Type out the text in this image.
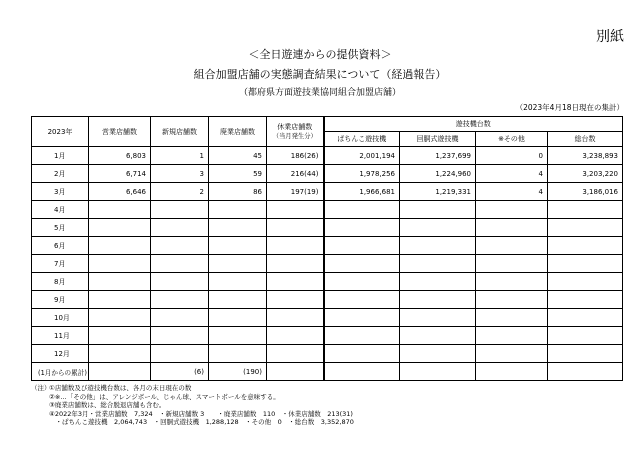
別紙
＜全日遊連からの提供資料＞
組合加盟店舗の実態調査結果について（経過報告）
（都府県方面遊技業協同組合加盟店舗）
（2023年4月18日現在の集計）
2023年	営業店舗数	新規店舗数	廃業店舗数	休業店舗数
（当月発生分）	遊技機台数			
					ぱちんこ遊技機	回胴式遊技機	※その他	総台数
1月	6,803	1	45	186(26)	2,001,194	1,237,699	0	3,238,893
2月	6,714	3	59	216(44)	1,978,256	1,224,960	4	3,203,220
3月	6,646	2	86	197(19)	1,966,681	1,219,331	4	3,186,016
4月								
5月								
6月								
7月								
8月								
9月								
10月								
11月								
12月								
(1月からの累計)		(6)	(190)					
（注）
①店舗数及び遊技機台数は、各月の末日現在の数
②※…「その他」は、アレンジボール、じゃん球、スマートボールを意味する。
③廃業店舗数は、総合脱退店舗も含む。
④2022年3月・営業店舗数　7,324　・新規店舗数 3　　・廃業店舗数　110　・休業店舗数　213(31)
　・ぱちんこ遊技機　2,064,743　・回胴式遊技機　1,288,128　・その他　0　・総台数　3,352,870
